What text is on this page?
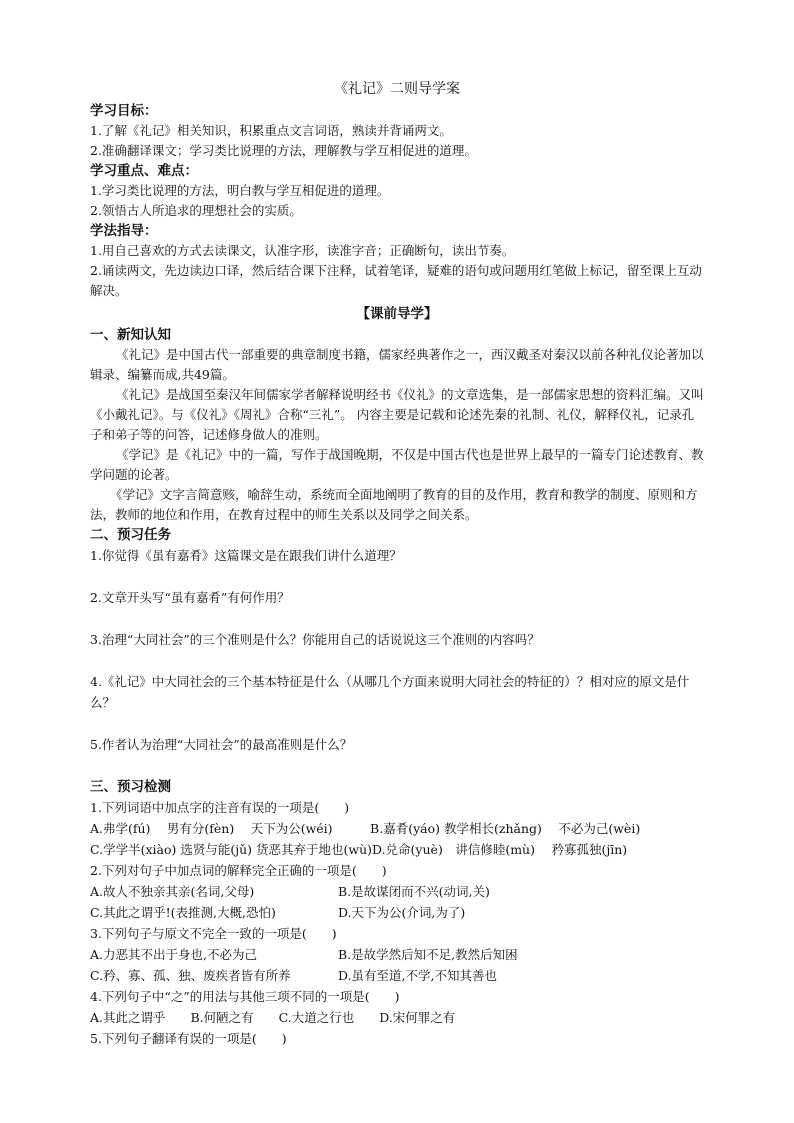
《礼记》二则导学案
学习目标：
1.了解《礼记》相关知识，积累重点文言词语，熟读并背诵两文。
2.准确翻译课文；学习类比说理的方法，理解教与学互相促进的道理。
学习重点、难点：
1.学习类比说理的方法，明白教与学互相促进的道理。
2.领悟古人所追求的理想社会的实质。
学法指导：
1.用自己喜欢的方式去读课文，认准字形，读准字音；正确断句，读出节奏。
2.诵读两文，先边读边口译，然后结合课下注释，试着笔译，疑难的语句或问题用红笔做上标记，留至课上互动解决。
【课前导学】
一、新知认知
《礼记》是中国古代一部重要的典章制度书籍，儒家经典著作之一，西汉戴圣对秦汉以前各种礼仪论著加以辑录、编纂而成,共49篇。
《礼记》是战国至秦汉年间儒家学者解释说明经书《仪礼》的文章选集，是一部儒家思想的资料汇编。又叫《小戴礼记》。与《仪礼》《周礼》合称“三礼”。 内容主要是记载和论述先秦的礼制、礼仪，解释仪礼，记录孔子和弟子等的问答，记述修身做人的准则。
《学记》是《礼记》中的一篇，写作于战国晚期，不仅是中国古代也是世界上最早的一篇专门论述教育、教学问题的论著。
《学记》文字言简意赅，喻辞生动，系统而全面地阐明了教育的目的及作用，教育和教学的制度、原则和方法，教师的地位和作用，在教育过程中的师生关系以及同学之间关系。
二、预习任务
1.你觉得《虽有嘉肴》这篇课文是在跟我们讲什么道理？
2.文章开头写“虽有嘉肴”有何作用？
3.治理“大同社会”的三个准则是什么？你能用自己的话说说这三个准则的内容吗？
4.《礼记》中大同社会的三个基本特征是什么（从哪几个方面来说明大同社会的特征的）？相对应的原文是什么？
5.作者认为治理“大同社会”的最高准则是什么？
三、预习检测
1.下列词语中加点字的注音有误的一项是(　　)
A.弗学(fú)　 男有分(fèn)　 天下为公(wéi)　　　B.嘉肴(yáo) 教学相长(zhǎng)　 不必为己(wèi)
C.学学半(xiào) 选贤与能(jǔ) 货恶其弃于地也(wù)D.兑命(yuè)　讲信修睦(mù)　 矜寡孤独(jīn)
2.下列对句子中加点词的解释完全正确的一项是(　　)
A.故人不独亲其亲(名词,父母)	B.是故谋闭而不兴(动词,关)
C.其此之谓乎!(表推测,大概,恐怕)	D.天下为公(介词,为了)
3.下列句子与原文不完全一致的一项是(　　)
A.力恶其不出于身也,不必为己	B.是故学然后知不足,教然后知困
C.矜、寡、孤、独、废疾者皆有所养	D.虽有至道,不学,不知其善也
4.下列句子中“之”的用法与其他三项不同的一项是(　　)
A.其此之谓乎　　B.何陋之有　　C.大道之行也　　D.宋何罪之有
5.下列句子翻译有误的一项是(　　)
